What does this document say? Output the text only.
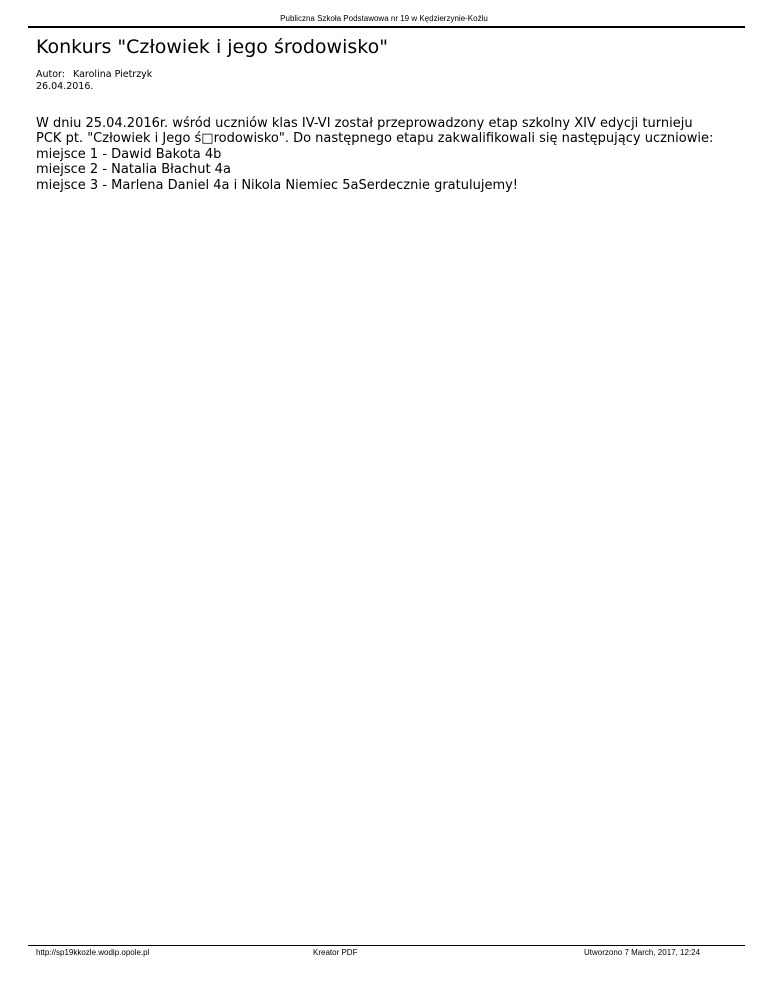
Publiczna Szkoła Podstawowa nr 19 w Kędzierzynie-Koźlu
Konkurs "Człowiek i jego środowisko"
Autor: Karolina Pietrzyk
26.04.2016.
W dniu 25.04.2016r. wśród uczniów klas IV-VI został przeprowadzony etap szkolny XIV edycji turnieju
PCK pt. "Człowiek i Jego ś□rodowisko". Do następnego etapu zakwalifikowali się następujący uczniowie:
miejsce 1 - Dawid Bakota 4b
miejsce 2 - Natalia Błachut 4a
miejsce 3 - Marlena Daniel 4a i Nikola Niemiec 5aSerdecznie gratulujemy!
http://sp19kkozle.wodip.opole.pl	Kreator PDF	Utworzono 7 March, 2017, 12:24
